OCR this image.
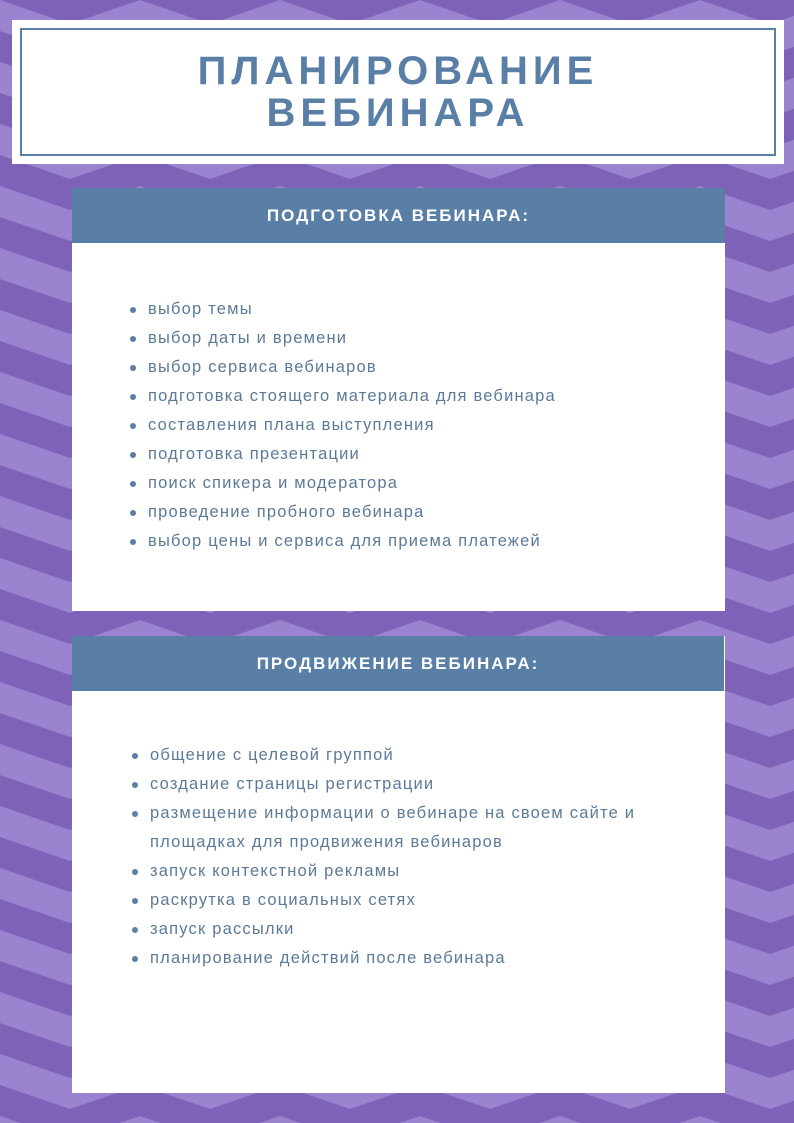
ПЛАНИРОВАНИЕ
ВЕБИНАРА
ПОДГОТОВКА ВЕБИНАРА:
выбор темы
выбор даты и времени
выбор сервиса вебинаров
подготовка стоящего материала для вебинара
составления плана выступления
подготовка презентации
поиск спикера и модератора
проведение пробного вебинара
выбор цены и сервиса для приема платежей
ПРОДВИЖЕНИЕ ВЕБИНАРА:
общение с целевой группой
создание страницы регистрации
размещение информации о вебинаре на своем сайте и площадках для продвижения вебинаров
запуск контекстной рекламы
раскрутка в социальных сетях
запуск рассылки
планирование действий после вебинара
